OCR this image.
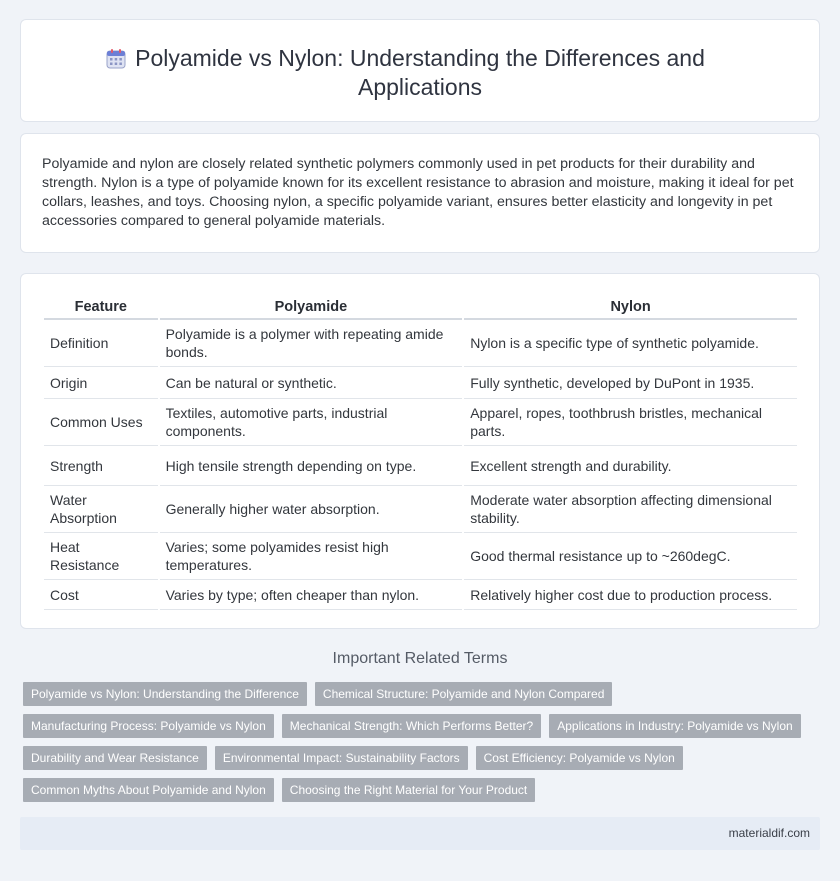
Polyamide vs Nylon: Understanding the Differences and Applications

Polyamide and nylon are closely related synthetic polymers commonly used in pet products for their durability and strength. Nylon is a type of polyamide known for its excellent resistance to abrasion and moisture, making it ideal for pet collars, leashes, and toys. Choosing nylon, a specific polyamide variant, ensures better elasticity and longevity in pet accessories compared to general polyamide materials.

Feature	Polyamide	Nylon
Definition	Polyamide is a polymer with repeating amide bonds.	Nylon is a specific type of synthetic polyamide.
Origin	Can be natural or synthetic.	Fully synthetic, developed by DuPont in 1935.
Common Uses	Textiles, automotive parts, industrial components.	Apparel, ropes, toothbrush bristles, mechanical parts.
Strength	High tensile strength depending on type.	Excellent strength and durability.
Water Absorption	Generally higher water absorption.	Moderate water absorption affecting dimensional stability.
Heat Resistance	Varies; some polyamides resist high temperatures.	Good thermal resistance up to ~260degC.
Cost	Varies by type; often cheaper than nylon.	Relatively higher cost due to production process.
Important Related Terms
Polyamide vs Nylon: Understanding the Difference	Chemical Structure: Polyamide and Nylon Compared
Manufacturing Process: Polyamide vs Nylon	Mechanical Strength: Which Performs Better?	Applications in Industry: Polyamide vs Nylon
Durability and Wear Resistance	Environmental Impact: Sustainability Factors	Cost Efficiency: Polyamide vs Nylon
Common Myths About Polyamide and Nylon	Choosing the Right Material for Your Product
materialdif.com
